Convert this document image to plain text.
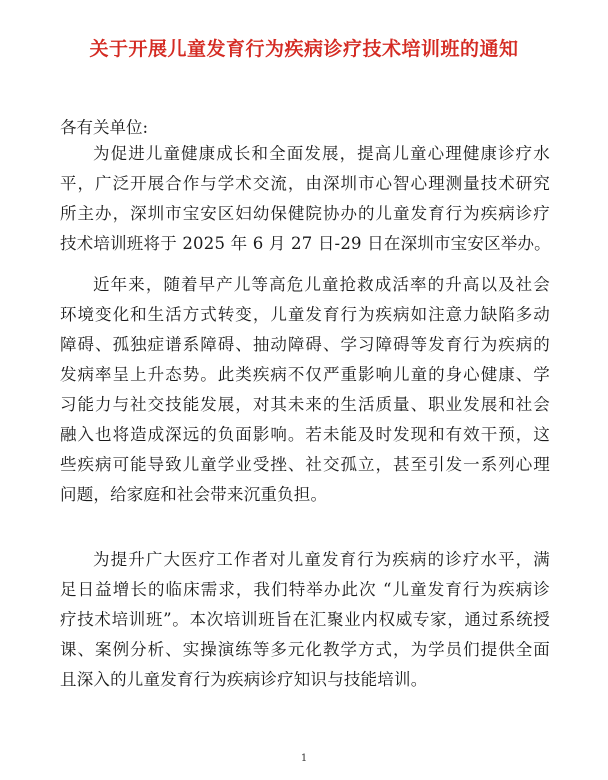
关于开展儿童发育行为疾病诊疗技术培训班的通知
各有关单位:
为促进儿童健康成长和全面发展，提高儿童心理健康诊疗水
平，广泛开展合作与学术交流，由深圳市心智心理测量技术研究
所主办，深圳市宝安区妇幼保健院协办的儿童发育行为疾病诊疗
技术培训班将于 2025 年 6 月 27 日-29 日在深圳市宝安区举办。
近年来，随着早产儿等高危儿童抢救成活率的升高以及社会
环境变化和生活方式转变，儿童发育行为疾病如注意力缺陷多动
障碍、孤独症谱系障碍、抽动障碍、学习障碍等发育行为疾病的
发病率呈上升态势。此类疾病不仅严重影响儿童的身心健康、学
习能力与社交技能发展，对其未来的生活质量、职业发展和社会
融入也将造成深远的负面影响。若未能及时发现和有效干预，这
些疾病可能导致儿童学业受挫、社交孤立，甚至引发一系列心理
问题，给家庭和社会带来沉重负担。
为提升广大医疗工作者对儿童发育行为疾病的诊疗水平，满
足日益增长的临床需求，我们特举办此次 “儿童发育行为疾病诊
疗技术培训班”。本次培训班旨在汇聚业内权威专家，通过系统授
课、案例分析、实操演练等多元化教学方式，为学员们提供全面
且深入的儿童发育行为疾病诊疗知识与技能培训。
1
